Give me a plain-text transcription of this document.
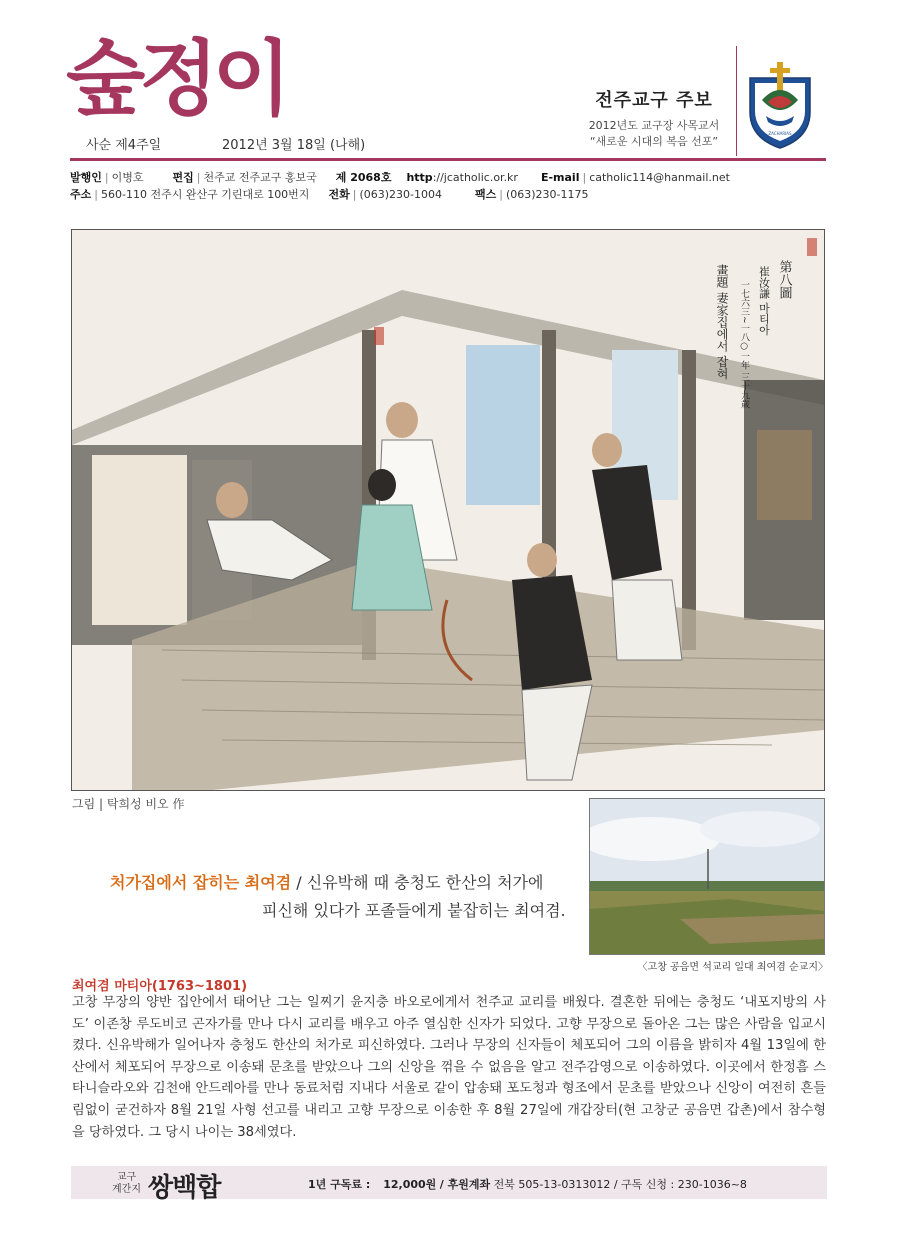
숲정이
사순 제4주일	2012년 3월 18일 (나해)
전주교구 주보
2012년도 교구장 사목교서
“새로운 시대의 복음 선포”
ZACHARIAS
발행인 | 이병호	편집 | 천주교 전주교구 홍보국 제 2068호 http://jcatholic.or.kr E-mail | catholic114@hanmail.net
주소 | 560-110 전주시 완산구 기린대로 100번지 전화 | (063)230-1004	팩스 | (063)230-1175
第八圖
崔汝謙 마티아
一七六三~一八○一年 三十九歲
畫題 妻家집에서 잡혀
그림 | 탁희성 비오 作
〈고창 공음면 석교리 일대 최여겸 순교지〉
처가집에서 잡히는 최여겸 / 신유박해 때 충청도 한산의 처가에
피신해 있다가 포졸들에게 붙잡히는 최여겸.
최여겸 마티아(1763~1801)
고창 무장의 양반 집안에서 태어난 그는 일찌기 윤지충 바오로에게서 천주교 교리를 배웠다. 결혼한 뒤에는 충청도 ‘내포지방의 사도’ 이존창 루도비코 곤자가를 만나 다시 교리를 배우고 아주 열심한 신자가 되었다. 고향 무장으로 돌아온 그는 많은 사람을 입교시켰다. 신유박해가 일어나자 충청도 한산의 처가로 피신하였다. 그러나 무장의 신자들이 체포되어 그의 이름을 밝히자 4월 13일에 한산에서 체포되어 무장으로 이송돼 문초를 받았으나 그의 신앙을 꺾을 수 없음을 알고 전주감영으로 이송하였다. 이곳에서 한정흠 스타니슬라오와 김천애 안드레아를 만나 동료처럼 지내다 서울로 같이 압송돼 포도청과 형조에서 문초를 받았으나 신앙이 여전히 흔들림없이 굳건하자 8월 21일 사형 선고를 내리고 고향 무장으로 이송한 후 8월 27일에 개갑장터(현 고창군 공음면 갑촌)에서 참수형을 당하였다. 그 당시 나이는 38세였다.
교구
계간지 쌍백합	1년 구독료 : 12,000원 / 후원계좌 전북 505-13-0313012 / 구독 신청 : 230-1036~8
